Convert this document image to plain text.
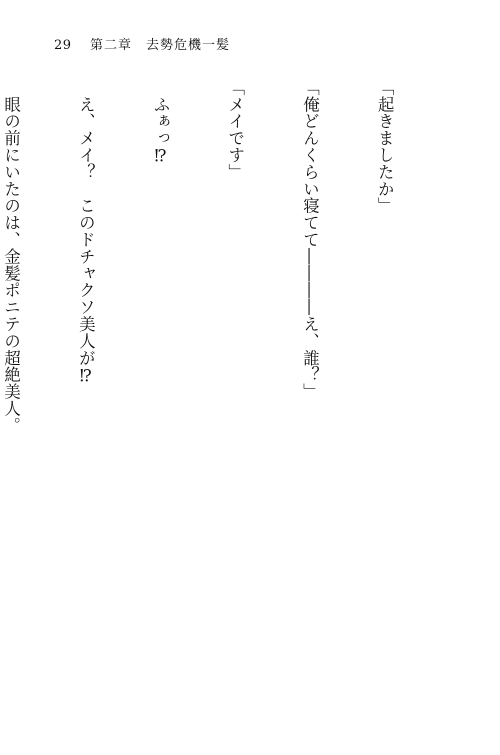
29 第二章　去勢危機一髪

「起きましたか」

「俺どんくらい寝てて――――え、誰？」

「メイです」

　ふぁっ⁉

　え、メイ？　このドチャクソ美人が⁉

　眼の前にいたのは、金髪ポニテの超絶美人。
